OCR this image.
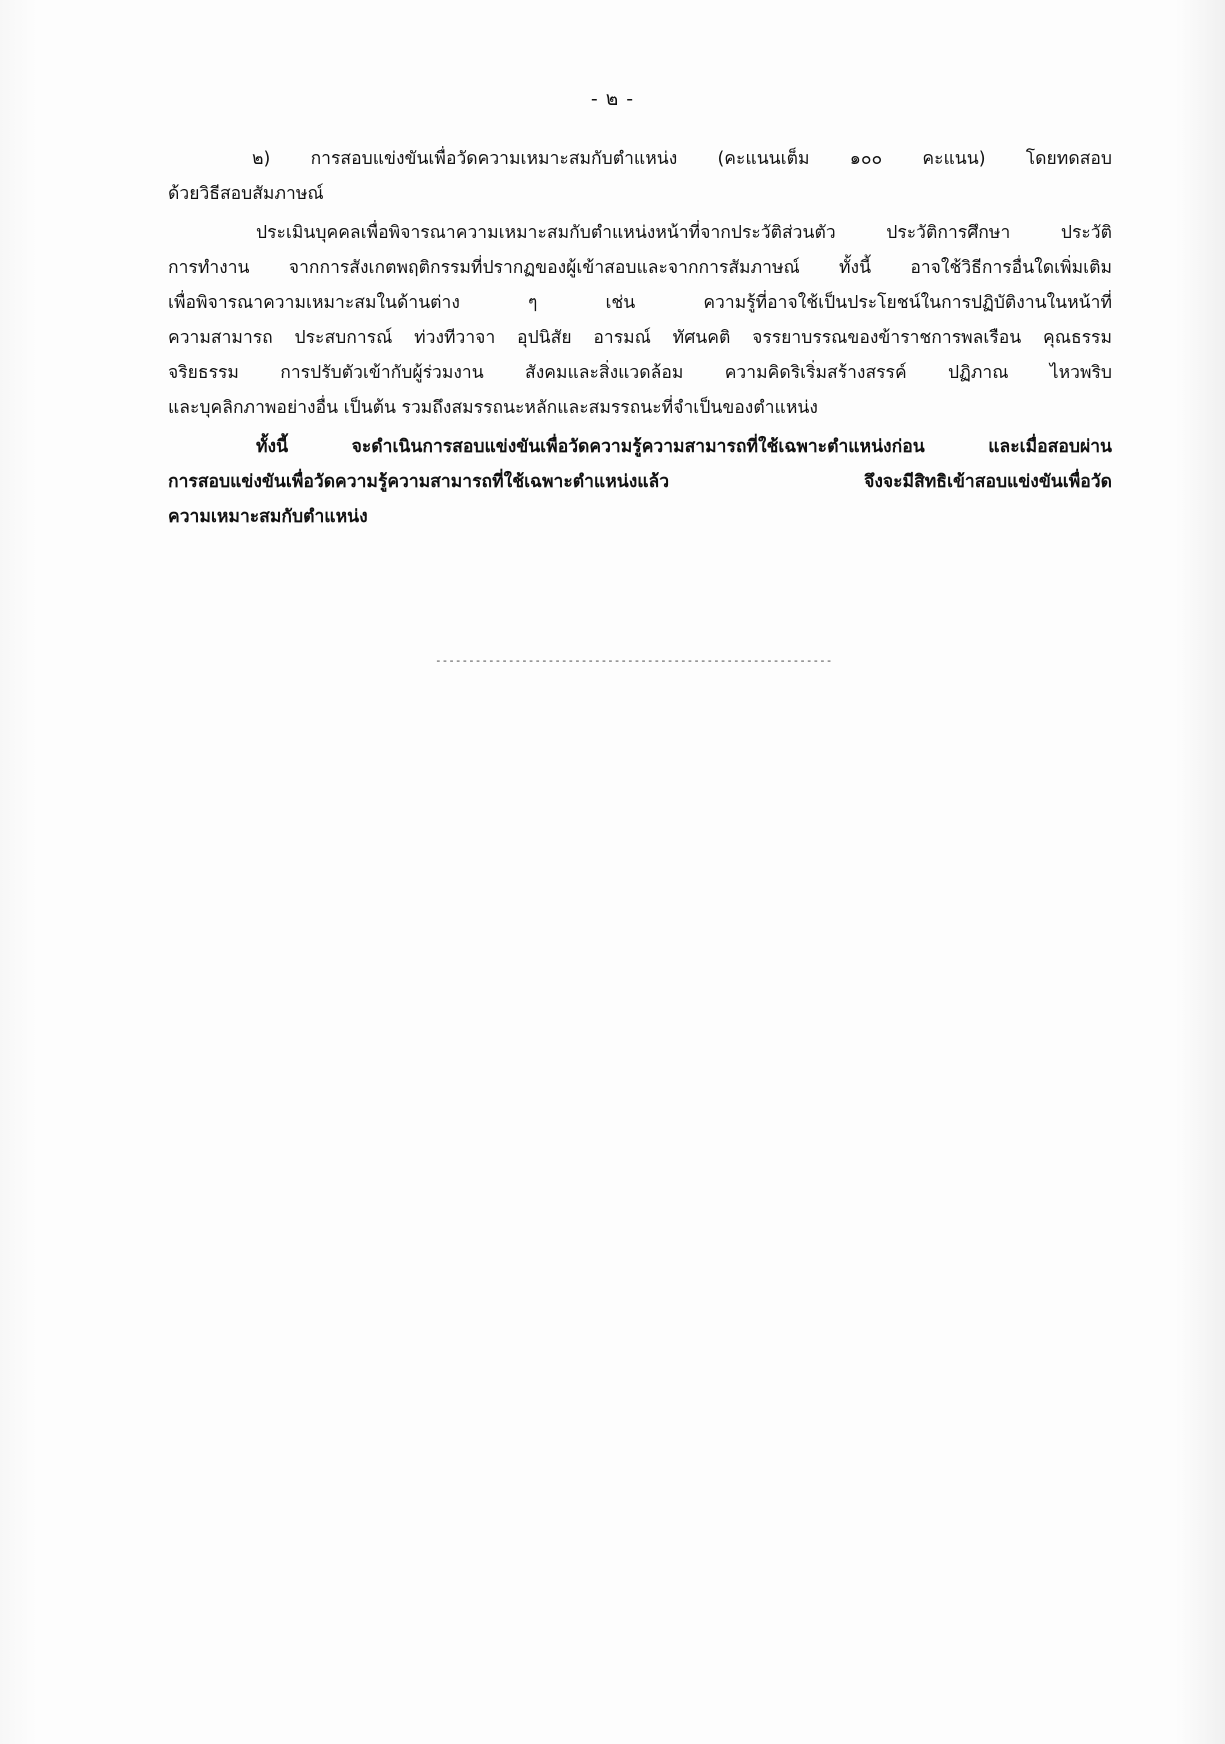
- ๒ -
๒) การสอบแข่งขันเพื่อวัดความเหมาะสมกับตำแหน่ง (คะแนนเต็ม ๑๐๐ คะแนน) โดยทดสอบ
ด้วยวิธีสอบสัมภาษณ์
ประเมินบุคคลเพื่อพิจารณาความเหมาะสมกับตำแหน่งหน้าที่จากประวัติส่วนตัว ประวัติการศึกษา ประวัติ
การทำงาน จากการสังเกตพฤติกรรมที่ปรากฏของผู้เข้าสอบและจากการสัมภาษณ์ ทั้งนี้ อาจใช้วิธีการอื่นใดเพิ่มเติม
เพื่อพิจารณาความเหมาะสมในด้านต่าง ๆ เช่น ความรู้ที่อาจใช้เป็นประโยชน์ในการปฏิบัติงานในหน้าที่
ความสามารถ ประสบการณ์ ท่วงทีวาจา อุปนิสัย อารมณ์ ทัศนคติ จรรยาบรรณของข้าราชการพลเรือน คุณธรรม
จริยธรรม การปรับตัวเข้ากับผู้ร่วมงาน สังคมและสิ่งแวดล้อม ความคิดริเริ่มสร้างสรรค์ ปฏิภาณ ไหวพริบ
และบุคลิกภาพอย่างอื่น เป็นต้น รวมถึงสมรรถนะหลักและสมรรถนะที่จำเป็นของตำแหน่ง
ทั้งนี้ จะดำเนินการสอบแข่งขันเพื่อวัดความรู้ความสามารถที่ใช้เฉพาะตำแหน่งก่อน และเมื่อสอบผ่าน
การสอบแข่งขันเพื่อวัดความรู้ความสามารถที่ใช้เฉพาะตำแหน่งแล้ว จึงจะมีสิทธิเข้าสอบแข่งขันเพื่อวัด
ความเหมาะสมกับตำแหน่ง
------------------------------------------------------------
